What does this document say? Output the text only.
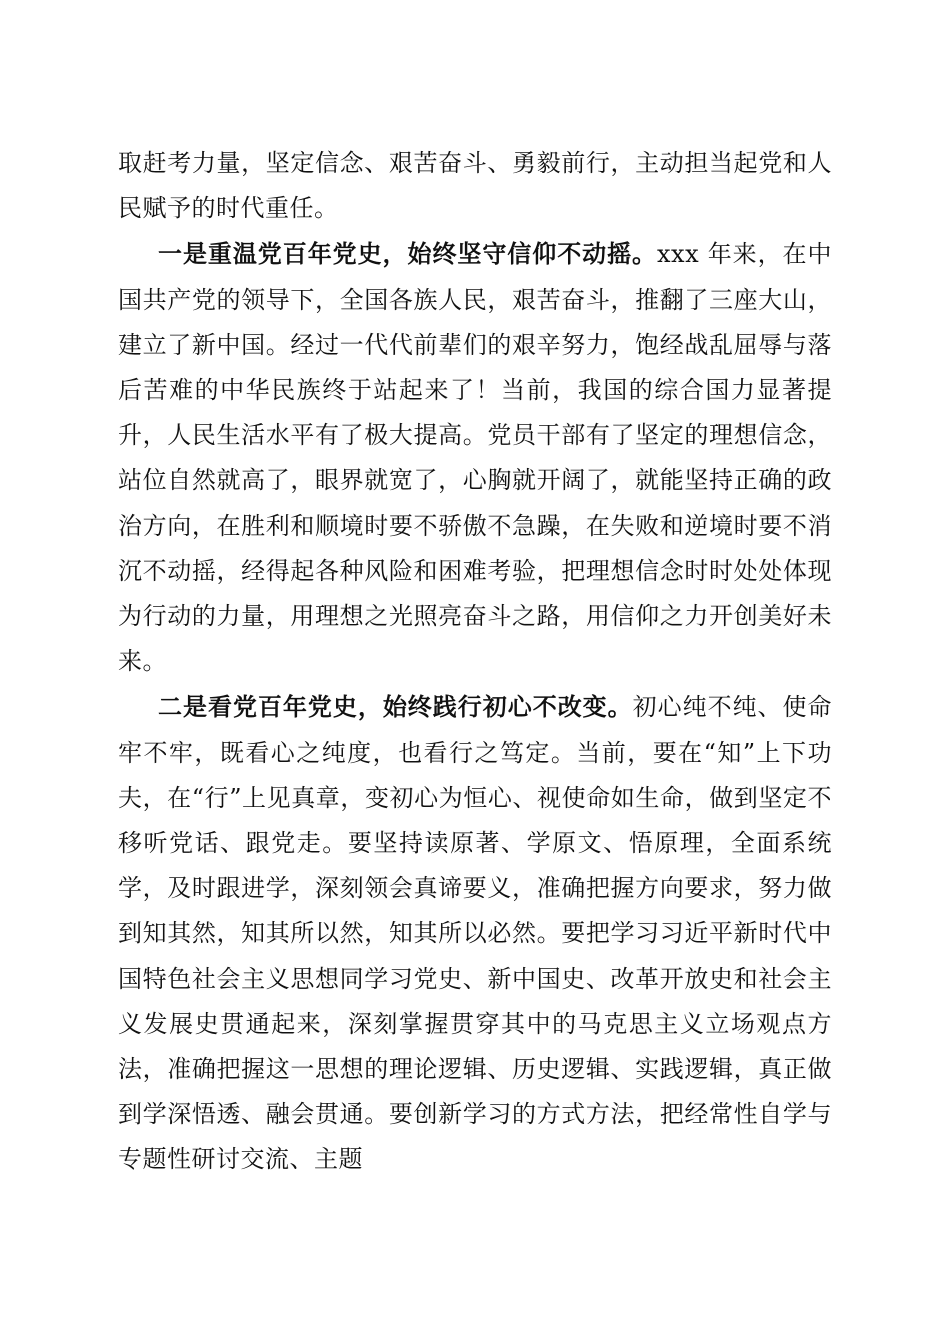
取赶考力量，坚定信念、艰苦奋斗、勇毅前行，主动担当起党和人民赋予的时代重任。

一是重温党百年党史，始终坚守信仰不动摇。xxx 年来，在中国共产党的领导下，全国各族人民，艰苦奋斗，推翻了三座大山，建立了新中国。经过一代代前辈们的艰辛努力，饱经战乱屈辱与落后苦难的中华民族终于站起来了！当前，我国的综合国力显著提升，人民生活水平有了极大提高。党员干部有了坚定的理想信念，站位自然就高了，眼界就宽了，心胸就开阔了，就能坚持正确的政治方向，在胜利和顺境时要不骄傲不急躁，在失败和逆境时要不消沉不动摇，经得起各种风险和困难考验，把理想信念时时处处体现为行动的力量，用理想之光照亮奋斗之路，用信仰之力开创美好未来。

二是看党百年党史，始终践行初心不改变。初心纯不纯、使命牢不牢，既看心之纯度，也看行之笃定。当前，要在“知”上下功夫，在“行”上见真章，变初心为恒心、视使命如生命，做到坚定不移听党话、跟党走。要坚持读原著、学原文、悟原理，全面系统学，及时跟进学，深刻领会真谛要义，准确把握方向要求，努力做到知其然，知其所以然，知其所以必然。要把学习习近平新时代中国特色社会主义思想同学习党史、新中国史、改革开放史和社会主义发展史贯通起来，深刻掌握贯穿其中的马克思主义立场观点方法，准确把握这一思想的理论逻辑、历史逻辑、实践逻辑，真正做到学深悟透、融会贯通。要创新学习的方式方法，把经常性自学与专题性研讨交流、主题
